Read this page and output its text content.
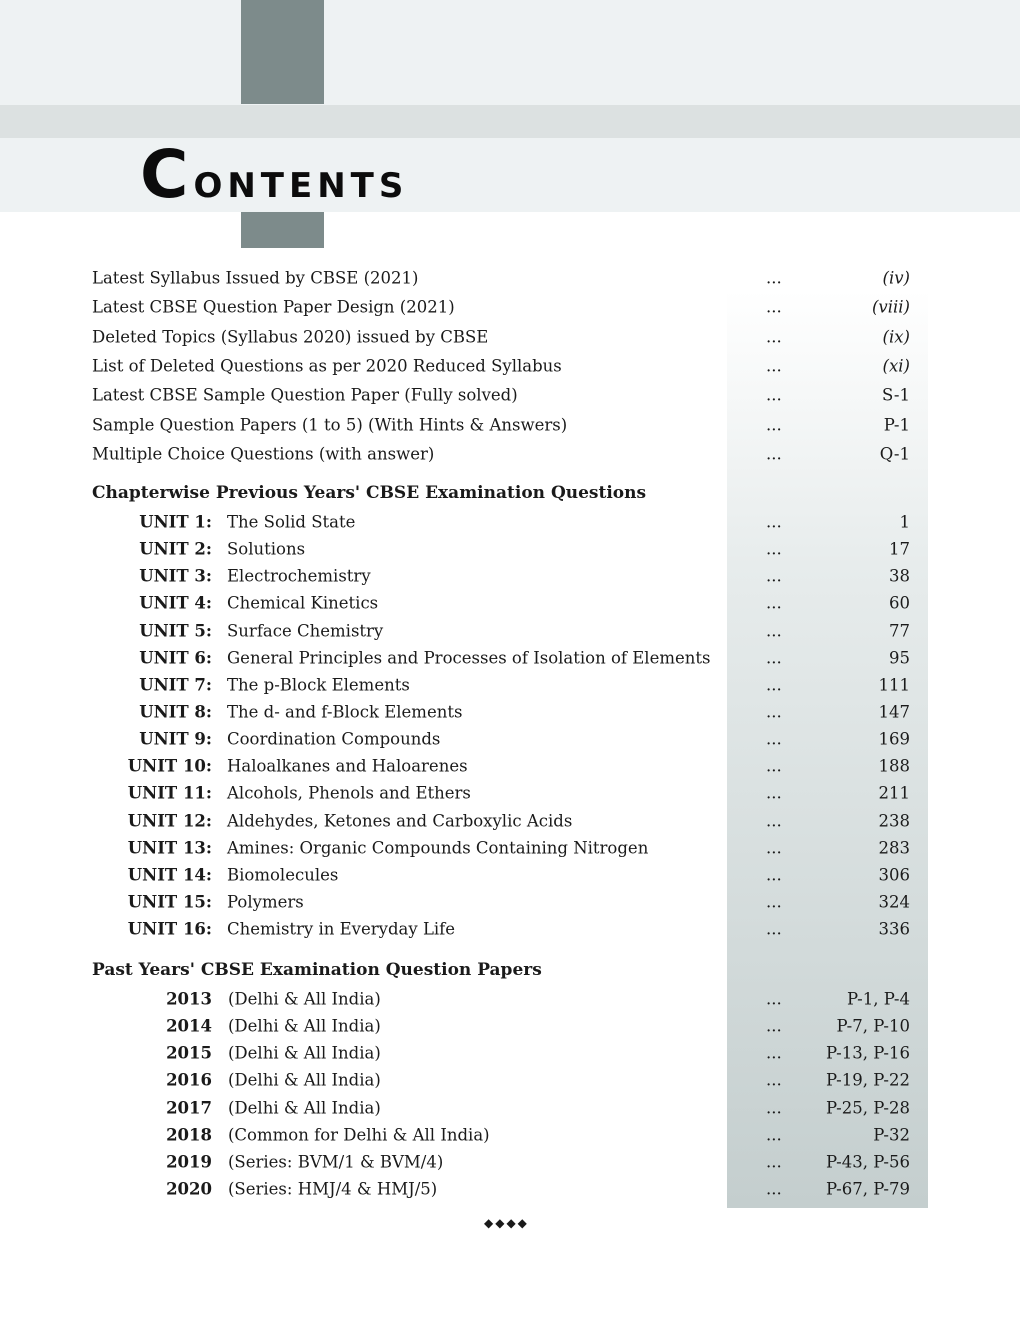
Contents
Latest Syllabus Issued by CBSE (2021)	...	(iv)
Latest CBSE Question Paper Design (2021)	...	(viii)
Deleted Topics (Syllabus 2020) issued by CBSE	...	(ix)
List of Deleted Questions as per 2020 Reduced Syllabus	...	(xi)
Latest CBSE Sample Question Paper (Fully solved)	...	S-1
Sample Question Papers (1 to 5) (With Hints & Answers)	...	P-1
Multiple Choice Questions (with answer)	...	Q-1
Chapterwise Previous Years' CBSE Examination Questions
UNIT 1: The Solid State	...	1
UNIT 2: Solutions	...	17
UNIT 3: Electrochemistry	...	38
UNIT 4: Chemical Kinetics	...	60
UNIT 5: Surface Chemistry	...	77
UNIT 6: General Principles and Processes of Isolation of Elements	...	95
UNIT 7: The p-Block Elements	...	111
UNIT 8: The d- and f-Block Elements	...	147
UNIT 9: Coordination Compounds	...	169
UNIT 10: Haloalkanes and Haloarenes	...	188
UNIT 11: Alcohols, Phenols and Ethers	...	211
UNIT 12: Aldehydes, Ketones and Carboxylic Acids	...	238
UNIT 13: Amines: Organic Compounds Containing Nitrogen	...	283
UNIT 14: Biomolecules	...	306
UNIT 15: Polymers	...	324
UNIT 16: Chemistry in Everyday Life	...	336
Past Years' CBSE Examination Question Papers
2013 (Delhi & All India)	...	P-1, P-4
2014 (Delhi & All India)	...	P-7, P-10
2015 (Delhi & All India)	...	P-13, P-16
2016 (Delhi & All India)	...	P-19, P-22
2017 (Delhi & All India)	...	P-25, P-28
2018 (Common for Delhi & All India)	...	P-32
2019 (Series: BVM/1 & BVM/4)	...	P-43, P-56
2020 (Series: HMJ/4 & HMJ/5)	...	P-67, P-79
◆◆◆◆
